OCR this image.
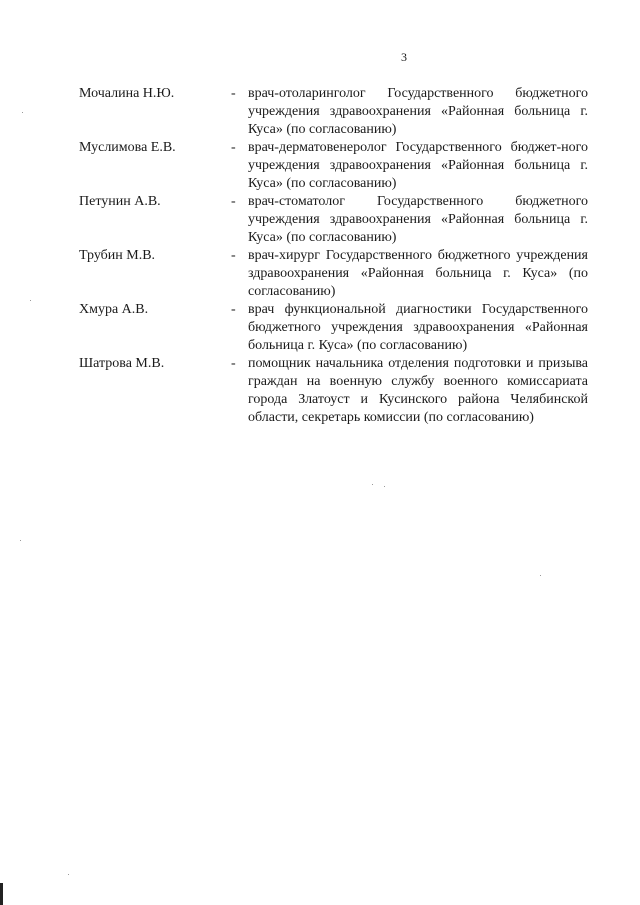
3
Мочалина Н.Ю.	- врач-отоларинголог Государственного бюджетного учреждения здравоохранения «Районная больница г. Куса» (по согласованию)
Муслимова Е.В.	- врач-дерматовенеролог Государственного бюджет-ного учреждения здравоохранения «Районная больница г. Куса» (по согласованию)
Петунин А.В.	- врач-стоматолог Государственного бюджетного учреждения здравоохранения «Районная больница г. Куса» (по согласованию)
Трубин М.В.	- врач-хирург Государственного бюджетного учреждения здравоохранения «Районная больница г. Куса» (по согласованию)
Хмура А.В.	- врач функциональной диагностики Государственного бюджетного учреждения здравоохранения «Районная больница г. Куса» (по согласованию)
Шатрова М.В.	- помощник начальника отделения подготовки и призыва граждан на военную службу военного комиссариата города Златоуст и Кусинского района Челябинской области, секретарь комиссии (по согласованию)
